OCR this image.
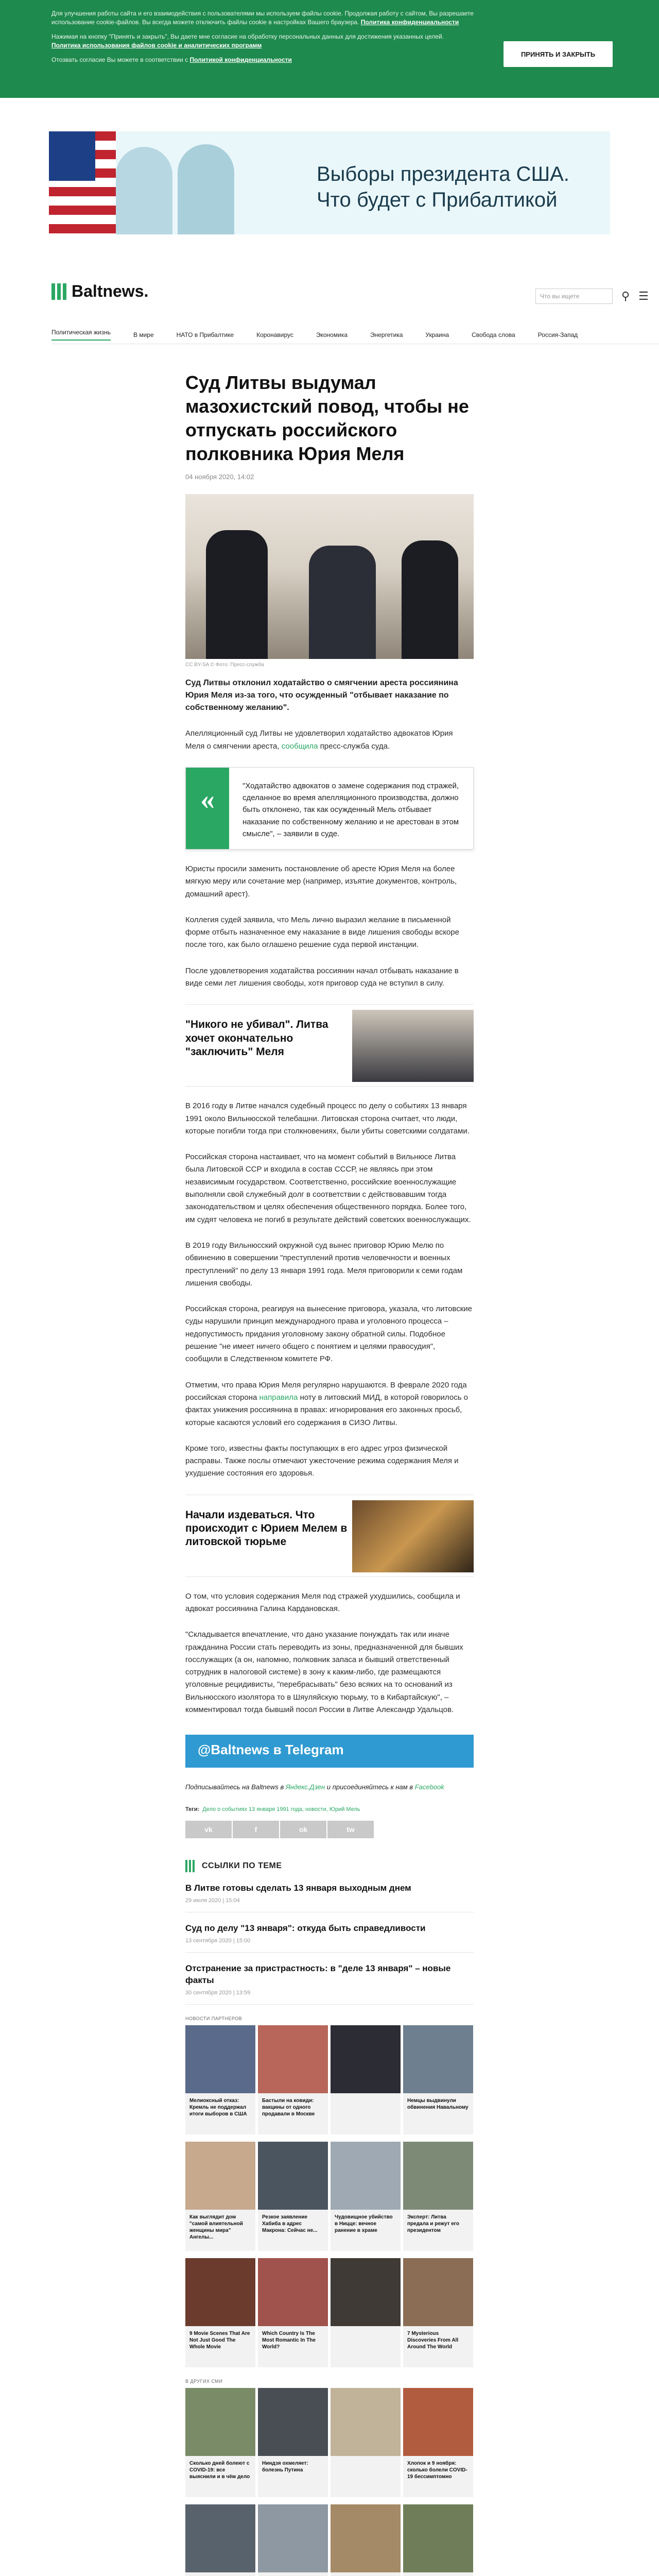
Для улучшения работы сайта и его взаимодействия с пользователями мы используем файлы cookie. Продолжая работу с сайтом, Вы разрешаете использование cookie-файлов. Вы всегда можете отключить файлы cookie в настройках Вашего браузера. Политика конфиденциальности

Нажимая на кнопку "Принять и закрыть", Вы даете мне согласие на обработку персональных данных для достижения указанных целей. Политика использования файлов cookie и аналитических программ

Отозвать согласие Вы можете в соответствии с Политикой конфиденциальности

ПРИНЯТЬ И ЗАКРЫТЬ
Выборы президента США.
Что будет с Прибалтикой
Baltnews.	Что вы ищете	⚲ ☰
Политическая жизнь	В мире	НАТО в Прибалтике	Коронавирус	Экономика	Энергетика	Украина	Свобода слова	Россия-Запад
Суд Литвы выдумал мазохистский повод, чтобы не отпускать российского полковника Юрия Меля
04 ноября 2020, 14:02
CC BY-SA © Фото: Пресс-служба

Суд Литвы отклонил ходатайство о смягчении ареста россиянина Юрия Меля из-за того, что осужденный "отбывает наказание по собственному желанию".

Апелляционный суд Литвы не удовлетворил ходатайство адвокатов Юрия Меля о смягчении ареста, сообщила пресс-служба суда.

«	"Ходатайство адвокатов о замене содержания под стражей, сделанное во время апелляционного производства, должно быть отклонено, так как осужденный Мель отбывает наказание по собственному желанию и не арестован в этом смысле", – заявили в суде.

Юристы просили заменить постановление об аресте Юрия Меля на более мягкую меру или сочетание мер (например, изъятие документов, контроль, домашний арест).

Коллегия судей заявила, что Мель лично выразил желание в письменной форме отбыть назначенное ему наказание в виде лишения свободы вскоре после того, как было оглашено решение суда первой инстанции.

После удовлетворения ходатайства россиянин начал отбывать наказание в виде семи лет лишения свободы, хотя приговор суда не вступил в силу.

"Никого не убивал". Литва хочет окончательно "заключить" Меля

В 2016 году в Литве начался судебный процесс по делу о событиях 13 января 1991 около Вильнюсской телебашни. Литовская сторона считает, что люди, которые погибли тогда при столкновениях, были убиты советскими солдатами.

Российская сторона настаивает, что на момент событий в Вильнюсе Литва была Литовской ССР и входила в состав СССР, не являясь при этом независимым государством. Соответственно, российские военнослужащие выполняли свой служебный долг в соответствии с действовавшим тогда законодательством и целях обеспечения общественного порядка. Более того, им судят человека не погиб в результате действий советских военнослужащих.

В 2019 году Вильнюсский окружной суд вынес приговор Юрию Мелю по обвинению в совершении "преступлений против человечности и военных преступлений" по делу 13 января 1991 года. Меля приговорили к семи годам лишения свободы.

Российская сторона, реагируя на вынесение приговора, указала, что литовские суды нарушили принцип международного права и уголовного процесса – недопустимость придания уголовному закону обратной силы. Подобное решение "не имеет ничего общего с понятием и целями правосудия", сообщили в Следственном комитете РФ.

Отметим, что права Юрия Меля регулярно нарушаются. В феврале 2020 года российская сторона направила ноту в литовский МИД, в которой говорилось о фактах унижения россиянина в правах: игнорирования его законных просьб, которые касаются условий его содержания в СИЗО Литвы.

Кроме того, известны факты поступающих в его адрес угроз физической расправы. Также послы отмечают ужесточение режима содержания Меля и ухудшение состояния его здоровья.

Начали издеваться. Что происходит с Юрием Мелем в литовской тюрьме

О том, что условия содержания Меля под стражей ухудшились, сообщила и адвокат россиянина Галина Кардановская.

"Складывается впечатление, что дано указание понуждать так или иначе гражданина России стать переводить из зоны, предназначенной для бывших госслужащих (а он, напомню, полковник запаса и бывший ответственный сотрудник в налоговой системе) в зону к каким-либо, где размещаются уголовные рецидивисты, "перебрасывать" безо всяких на то оснований из Вильнюсского изолятора то в Шяуляйскую тюрьму, то в Кибартайскую", – комментировал тогда бывший посол России в Литве Александр Удальцов.

@Baltnews в Telegram

Подписывайтесь на Baltnews в Яндекс.Дзен и присоединяйтесь к нам в Facebook

Теги: Дело о событиях 13 января 1991 года, новости, Юрий Мель
vk	f	ok	tw
ССЫЛКИ ПО ТЕМЕ
В Литве готовы сделать 13 января выходным днем
29 июля 2020 | 15:04
Суд по делу "13 января": откуда быть справедливости
13 сентября 2020 | 15:00
Отстранение за пристрастность: в "деле 13 января" – новые факты
30 сентября 2020 | 13:59
НОВОСТИ ПАРТНЕРОВ
Мелиоксный отказ: Кремль не поддержал итоги выборов в США
Бастыли на ковиди: вакцины от одного продавали в Москве
Немцы выдвинули обвинения Навальному
Как выглядит дом "самой влиятельной женщины мира" Ангелы...
Резкое заявление Хабиба в адрес Макрона: Сейчас не...
Чудовищное убийство в Ницце: вечное ранение в храме
Эксперт: Литва предала и режут его президентом
9 Movie Scenes That Are Not Just Good The Whole Movie
Which Country Is The Most Romantic In The World?
7 Mysterious Discoveries From All Around The World
В ДРУГИХ СМИ
Сколько дней болеют с COVID-19: все выяснили и в чём дело
Ниндзя охмеляет: болезнь Путина
Хлопок и 9 ноября: сколько болели COVID-19 бессимптомно
